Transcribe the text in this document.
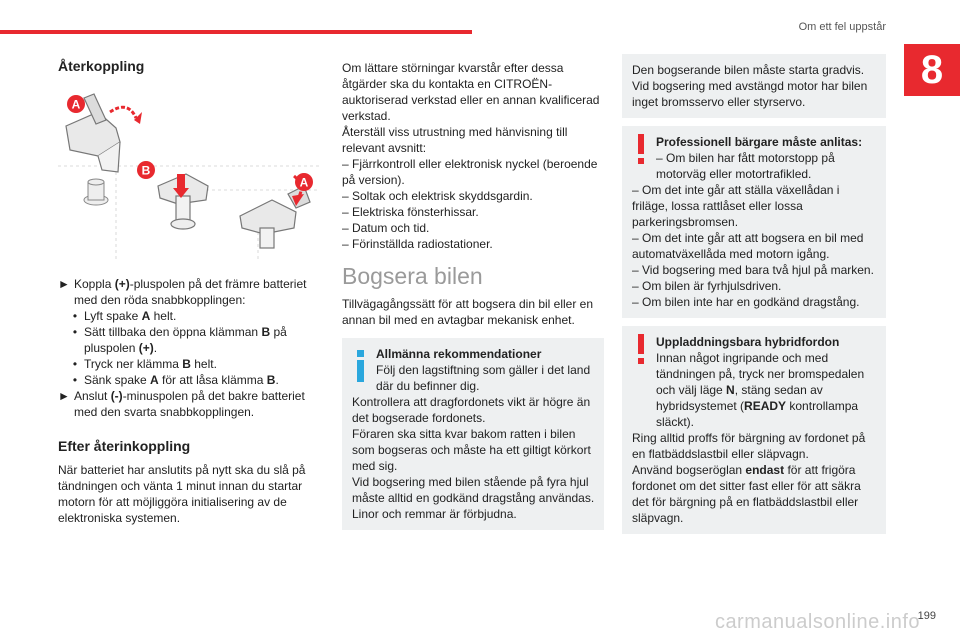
Om ett fel uppstår
8
Återkoppling
A
B
A
► Koppla (+)-pluspolen på det främre batteriet med den röda snabbkopplingen:
• Lyft spake A helt.
• Sätt tillbaka den öppna klämman B på pluspolen (+).
• Tryck ner klämma B helt.
• Sänk spake A för att låsa klämma B.
► Anslut (-)-minuspolen på det bakre batteriet med den svarta snabbkopplingen.
Efter återinkoppling

När batteriet har anslutits på nytt ska du slå på tändningen och vänta 1 minut innan du startar motorn för att möjliggöra initialisering av de elektroniska systemen.

Om lättare störningar kvarstår efter dessa åtgärder ska du kontakta en CITROËN-auktoriserad verkstad eller en annan kvalificerad verkstad.

Återställ viss utrustning med hänvisning till relevant avsnitt:

– Fjärrkontroll eller elektronisk nyckel (beroende på version).

– Soltak och elektrisk skyddsgardin.

– Elektriska fönsterhissar.

– Datum och tid.

– Förinställda radiostationer.

Bogsera bilen

Tillvägagångssätt för att bogsera din bil eller en annan bil med en avtagbar mekanisk enhet.

Allmänna rekommendationer

Följ den lagstiftning som gäller i det land där du befinner dig.

Kontrollera att dragfordonets vikt är högre än det bogserade fordonets.

Föraren ska sitta kvar bakom ratten i bilen som bogseras och måste ha ett giltigt körkort med sig.

Vid bogsering med bilen stående på fyra hjul måste alltid en godkänd dragstång användas. Linor och remmar är förbjudna.

Den bogserande bilen måste starta gradvis. Vid bogsering med avstängd motor har bilen inget bromsservo eller styrservo.

Professionell bärgare måste anlitas:

– Om bilen har fått motorstopp på motorväg eller motortrafikled.

– Om det inte går att ställa växellådan i friläge, lossa rattlåset eller lossa parkeringsbromsen.

– Om det inte går att att bogsera en bil med automatväxellåda med motorn igång.

– Vid bogsering med bara två hjul på marken.

– Om bilen är fyrhjulsdriven.

– Om bilen inte har en godkänd dragstång.

Uppladdningsbara hybridfordon

Innan något ingripande och med tändningen på, tryck ner bromspedalen och välj läge N, stäng sedan av hybridsystemet (READY kontrollampa släckt).

Ring alltid proffs för bärgning av fordonet på en flatbäddslastbil eller släpvagn.

Använd bogseröglan endast för att frigöra fordonet om det sitter fast eller för att säkra det för bärgning på en flatbäddslastbil eller släpvagn.

carmanualsonline.info
199
